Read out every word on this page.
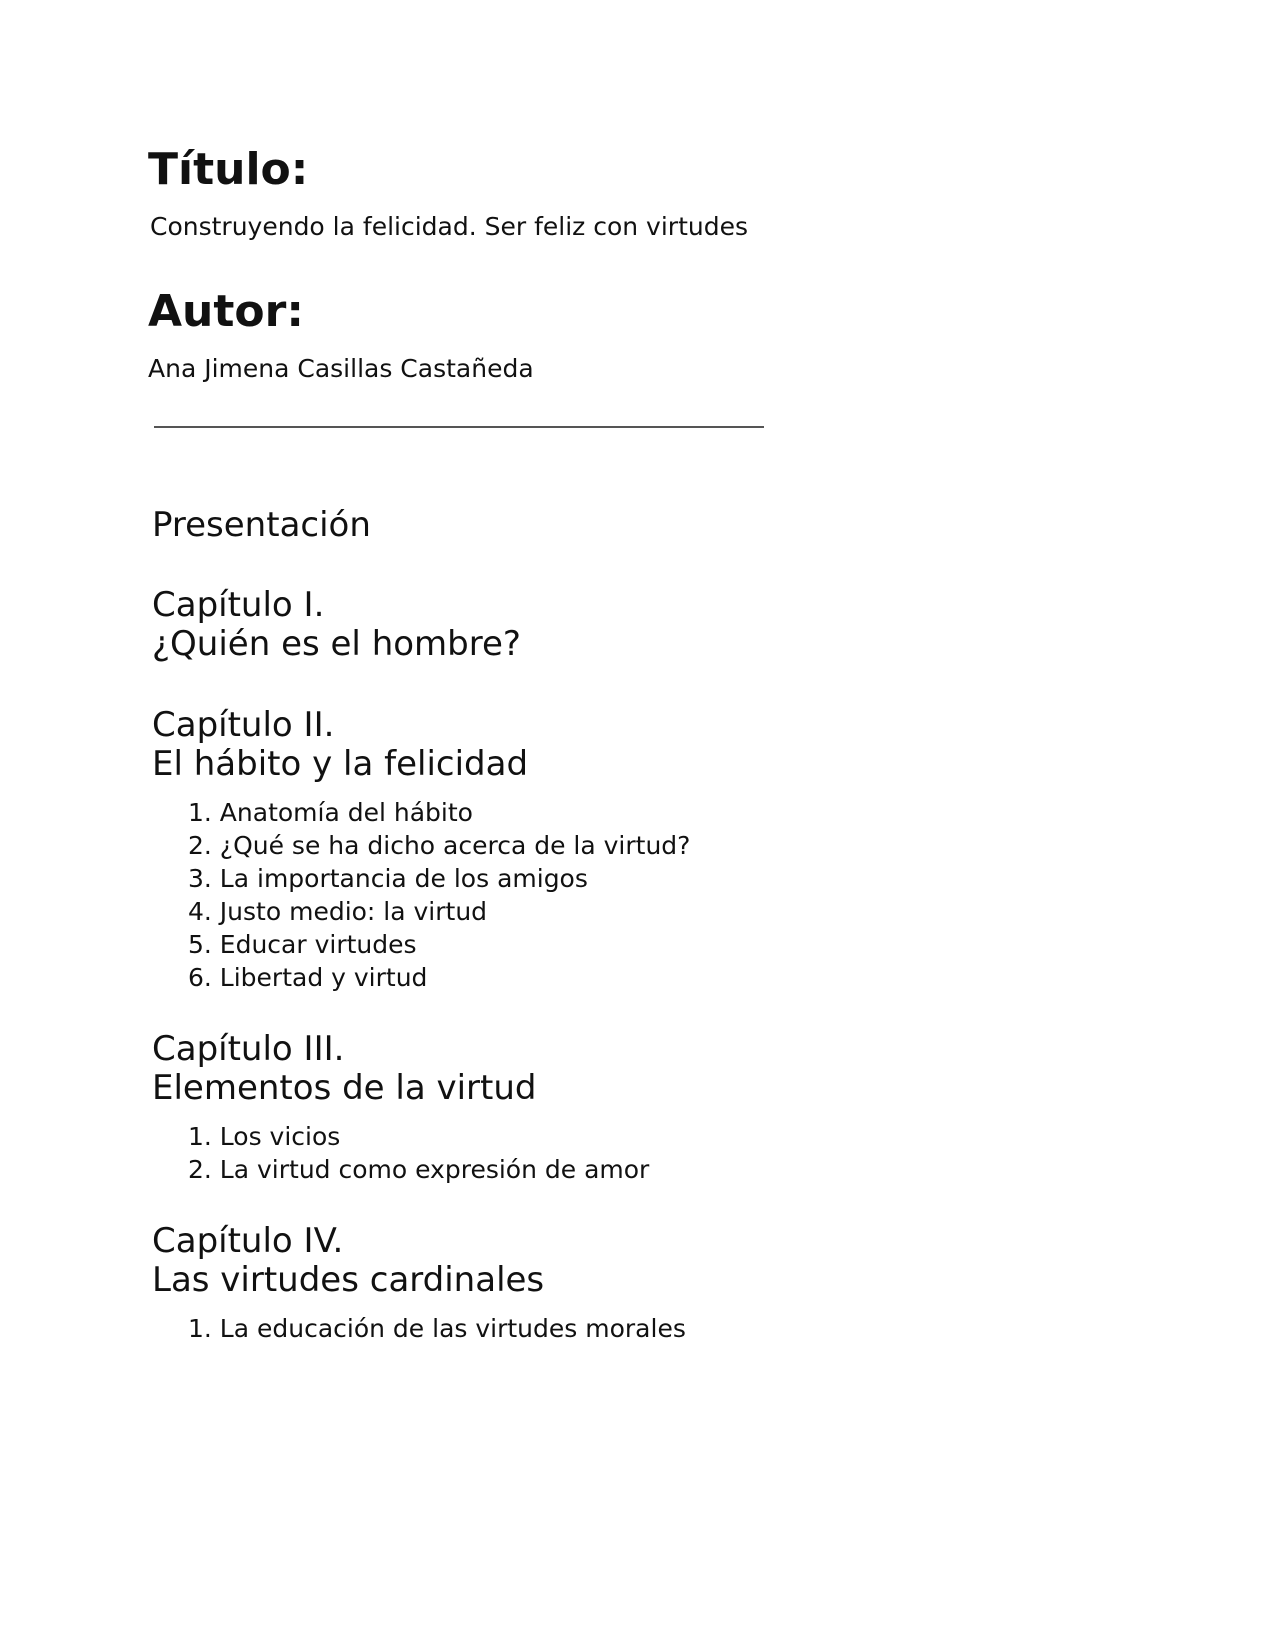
Título:

Construyendo la felicidad. Ser feliz con virtudes

Autor:

Ana Jimena Casillas Castañeda

Presentación

Capítulo I.
¿Quién es el hombre?
Capítulo II.
El hábito y la felicidad
1. Anatomía del hábito
2. ¿Qué se ha dicho acerca de la virtud?
3. La importancia de los amigos
4. Justo medio: la virtud
5. Educar virtudes
6. Libertad y virtud
Capítulo III.
Elementos de la virtud
1. Los vicios
2. La virtud como expresión de amor
Capítulo IV.
Las virtudes cardinales
1. La educación de las virtudes morales
